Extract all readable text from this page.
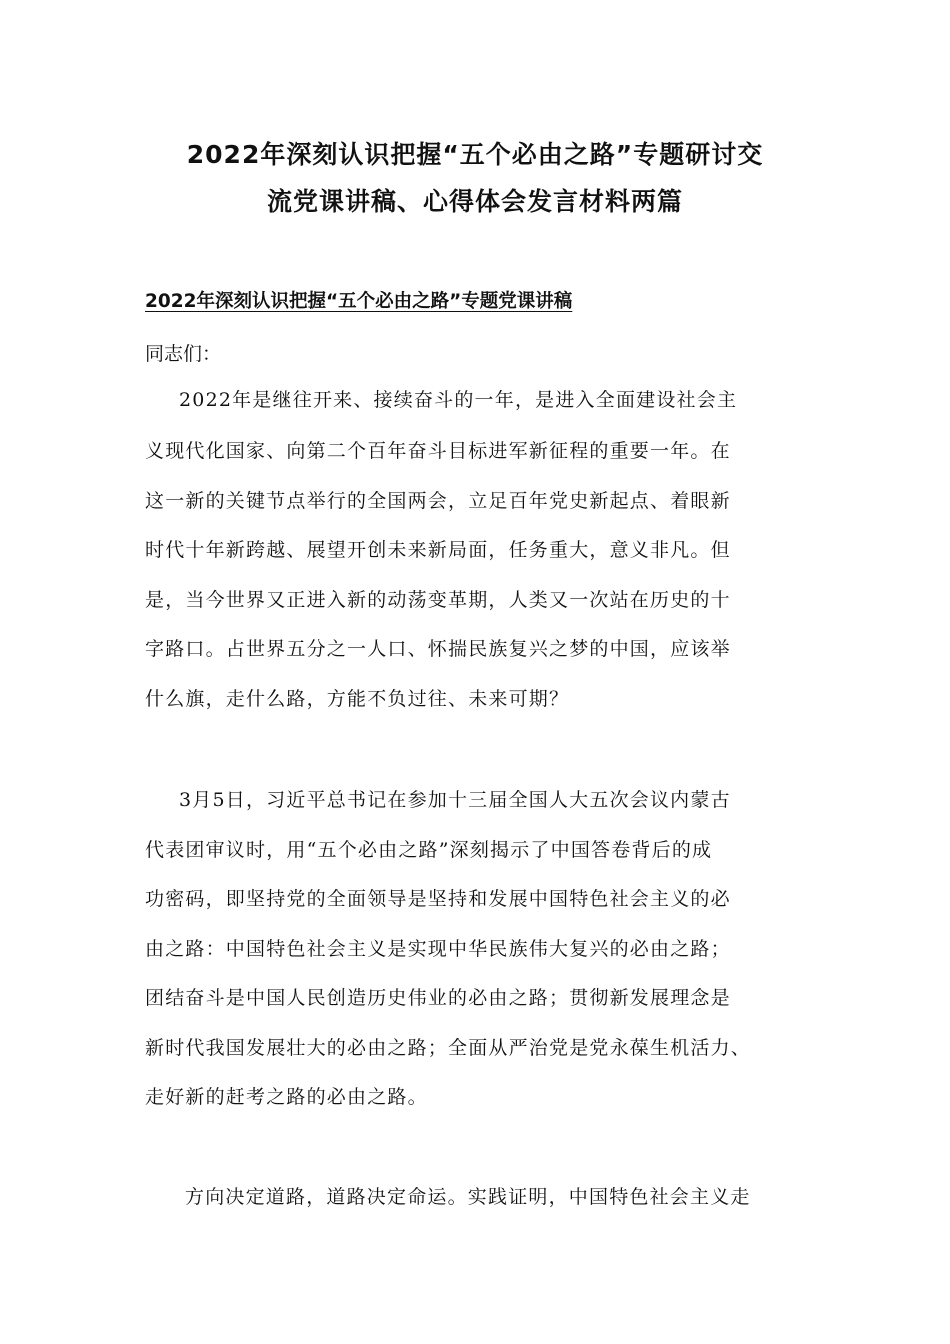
2022年深刻认识把握“五个必由之路”专题研讨交
流党课讲稿、心得体会发言材料两篇
2022年深刻认识把握“五个必由之路”专题党课讲稿

同志们：

2022年是继往开来、接续奋斗的一年，是进入全面建设社会主
义现代化国家、向第二个百年奋斗目标进军新征程的重要一年。在
这一新的关键节点举行的全国两会，立足百年党史新起点、着眼新
时代十年新跨越、展望开创未来新局面，任务重大，意义非凡。但
是，当今世界又正进入新的动荡变革期，人类又一次站在历史的十
字路口。占世界五分之一人口、怀揣民族复兴之梦的中国，应该举
什么旗，走什么路，方能不负过往、未来可期？
3月5日，习近平总书记在参加十三届全国人大五次会议内蒙古
代表团审议时，用“五个必由之路”深刻揭示了中国答卷背后的成
功密码，即坚持党的全面领导是坚持和发展中国特色社会主义的必
由之路：中国特色社会主义是实现中华民族伟大复兴的必由之路；
团结奋斗是中国人民创造历史伟业的必由之路；贯彻新发展理念是
新时代我国发展壮大的必由之路；全面从严治党是党永葆生机活力、
走好新的赶考之路的必由之路。
方向决定道路，道路决定命运。实践证明，中国特色社会主义走
